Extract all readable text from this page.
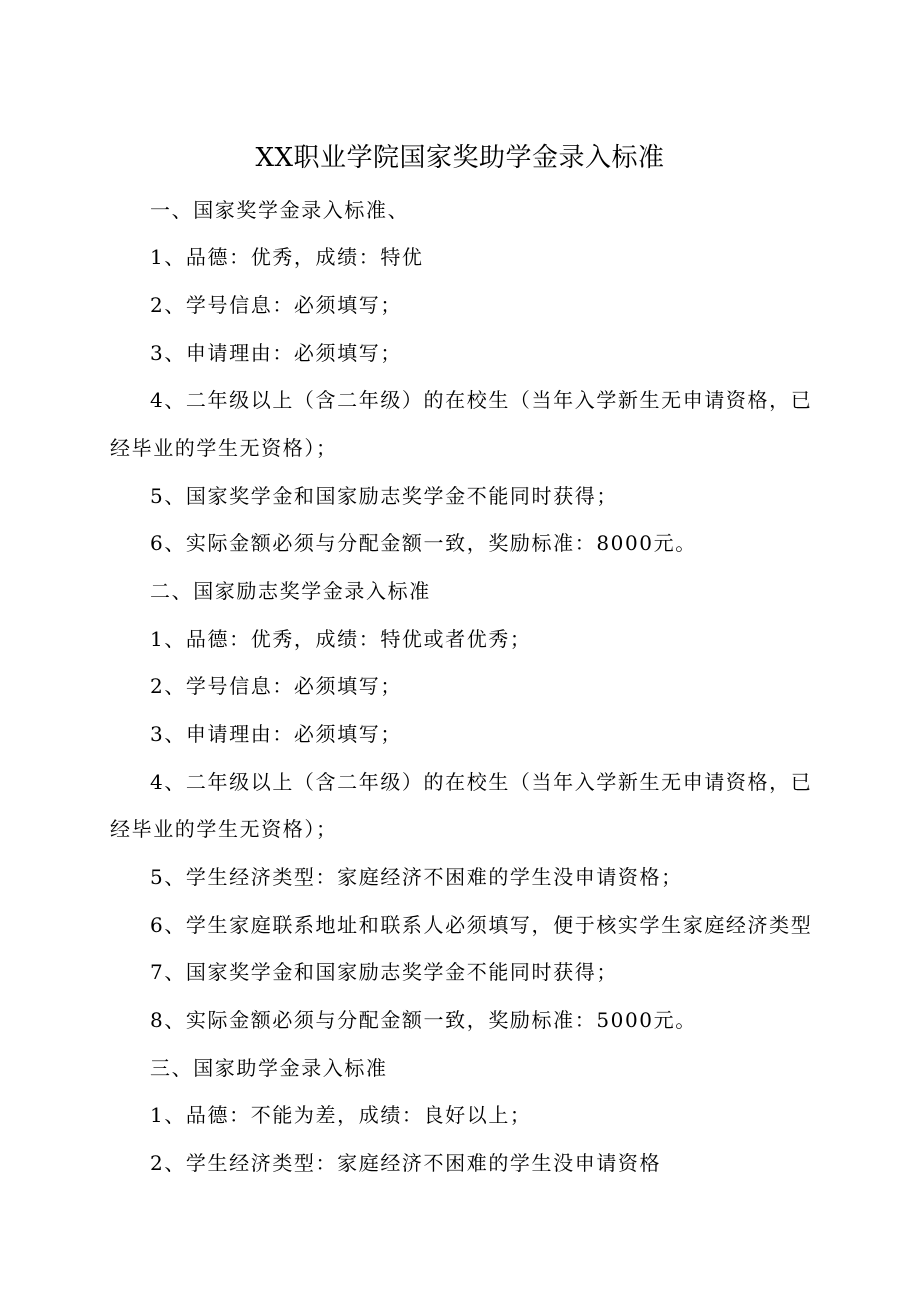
XX职业学院国家奖助学金录入标准
一、国家奖学金录入标准、
1、品德：优秀，成绩：特优
2、学号信息：必须填写；
3、申请理由：必须填写；
4、二年级以上（含二年级）的在校生（当年入学新生无申请资格，已
经毕业的学生无资格）；
5、国家奖学金和国家励志奖学金不能同时获得；
6、实际金额必须与分配金额一致，奖励标准：8000元。
二、国家励志奖学金录入标准
1、品德：优秀，成绩：特优或者优秀；
2、学号信息：必须填写；
3、申请理由：必须填写；
4、二年级以上（含二年级）的在校生（当年入学新生无申请资格，已
经毕业的学生无资格）；
5、学生经济类型：家庭经济不困难的学生没申请资格；
6、学生家庭联系地址和联系人必须填写，便于核实学生家庭经济类型
7、国家奖学金和国家励志奖学金不能同时获得；
8、实际金额必须与分配金额一致，奖励标准：5000元。
三、国家助学金录入标准
1、品德：不能为差，成绩：良好以上；
2、学生经济类型：家庭经济不困难的学生没申请资格
